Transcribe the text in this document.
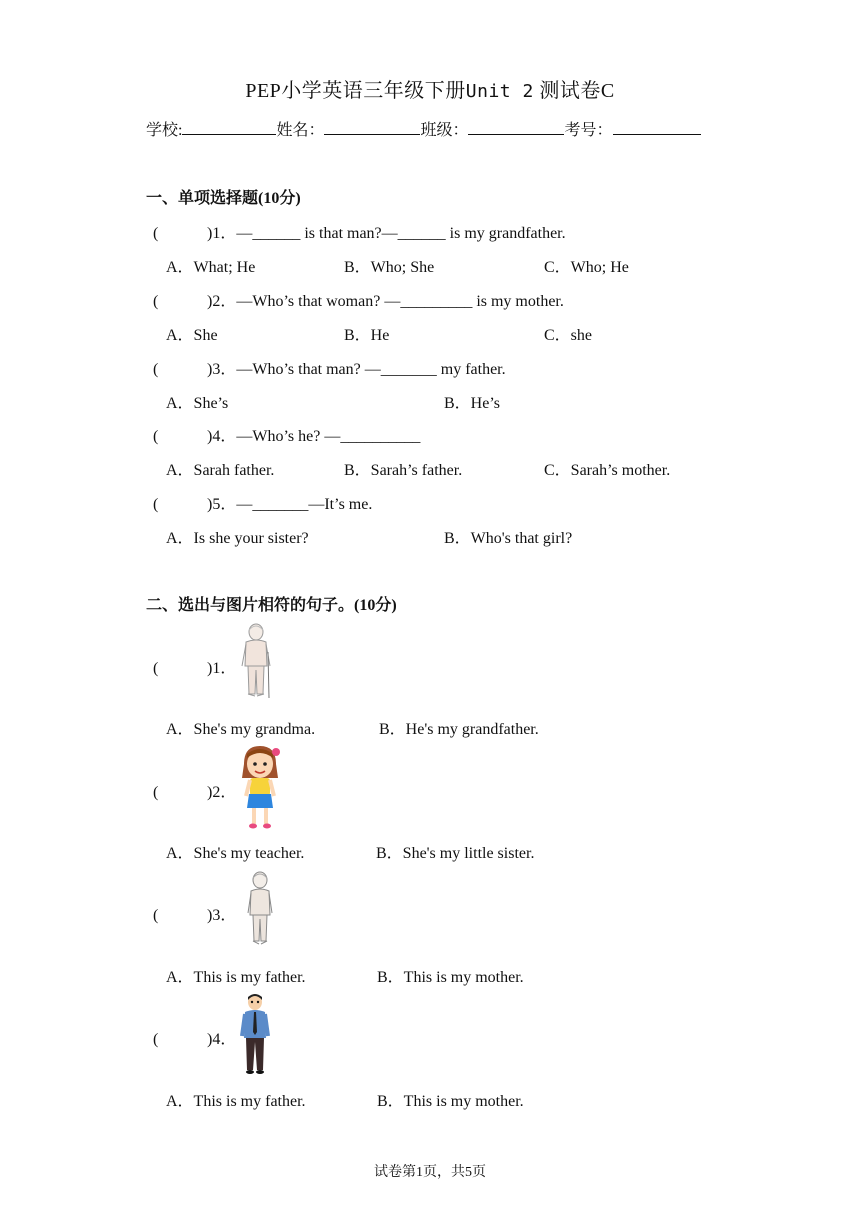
PEP小学英语三年级下册Unit 2 测试卷C
学校:	姓名：	班级：	考号：
一、单项选择题(10分)
(	)1．—______ is that man?—______ is my grandfather.
A．What; He	B．Who; She	C．Who; He
(	)2．—Who’s that woman? —_________ is my mother.
A．She	B．He	C．she
(	)3．—Who’s that man? —_______ my father.
A．She’s	B．He’s
(	)4．—Who’s he? —__________
A．Sarah father.	B．Sarah’s father.	C．Sarah’s mother.
(	)5．—_______—It’s me.
A．Is she your sister?	B．Who's that girl?
二、选出与图片相符的句子。(10分)
(	)1．
A．She's my grandma.	B．He's my grandfather.
(	)2．
A．She's my teacher.	B．She's my little sister.
(	)3．
A．This is my father.	B．This is my mother.
(	)4．
A．This is my father.	B．This is my mother.
试卷第1页，共5页
